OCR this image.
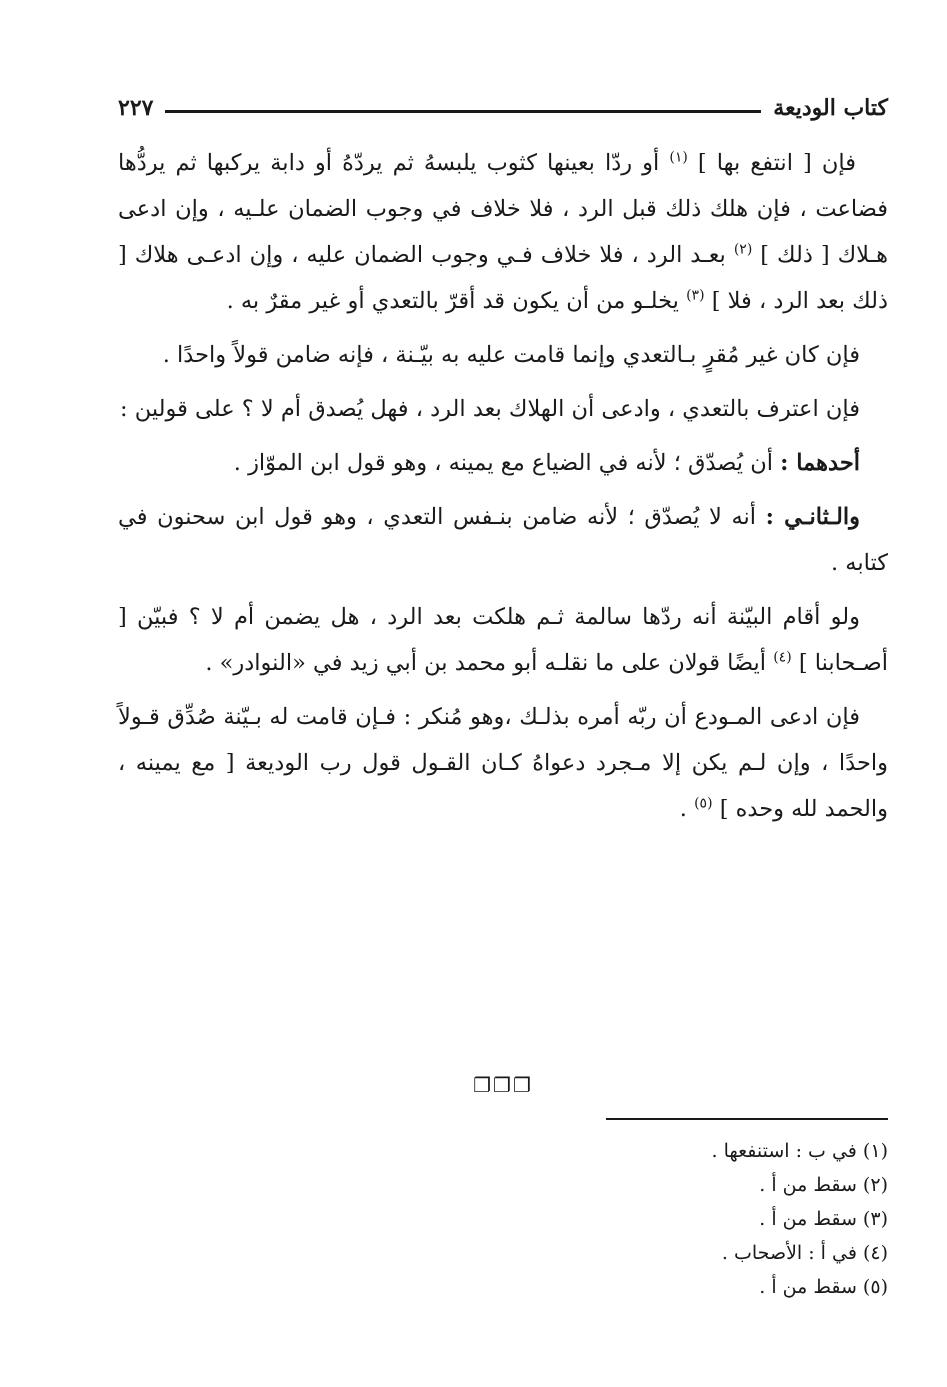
كتاب الوديعة
٢٢٧

فإن [ انتفع بها ] $^{(١)}$ أو ردّا بعينها كثوب يلبسهُ ثم يردّهُ أو دابة يركبها ثم يردُّها فضاعت ، فإن هلك ذلك قبل الرد ، فلا خلاف في وجوب الضمان علـيه ، وإن ادعى هـلاك [ ذلك ] $^{(٢)}$ بعـد الرد ، فلا خلاف فـي وجوب الضمان عليه ، وإن ادعـى هلاك [ ذلك بعد الرد ، فلا ] $^{(٣)}$ يخلـو من أن يكون قد أقرّ بالتعدي أو غير مقرٌ به .

فإن كان غير مُقرٍ بـالتعدي وإنما قامت عليه به بيّـنة ، فإنه ضامن قولاً واحدًا .

فإن اعترف بالتعدي ، وادعى أن الهلاك بعد الرد ، فهل يُصدق أم لا ؟ على قولين :

أحدهما : أن يُصدّق ؛ لأنه في الضياع مع يمينه ، وهو قول ابن الموّاز .

والـثانـي : أنه لا يُصدّق ؛ لأنه ضامن بنـفس التعدي ، وهو قول ابن سحنون في كتابه .

ولو أقام البيّنة أنه ردّها سالمة ثـم هلكت بعد الرد ، هل يضمن أم لا ؟ فبيّن [ أصـحابنا ] $^{(٤)}$ أيضًا قولان على ما نقلـه أبو محمد بن أبي زيد في «النوادر» .

فإن ادعى المـودع أن ربّه أمره بذلـك ،وهو مُنكر : فـإن قامت له بـيّنة صُدِّق قـولاً واحدًا ، وإن لـم يكن إلا مـجرد دعواهُ كـان القـول قول رب الوديعة [ مع يمينه ، والحمد لله وحده ] $^{(٥)}$ .

❐❐❐
(١) في ب : استنفعها .
(٢) سقط من أ .
(٣) سقط من أ .
(٤) في أ : الأصحاب .
(٥) سقط من أ .
